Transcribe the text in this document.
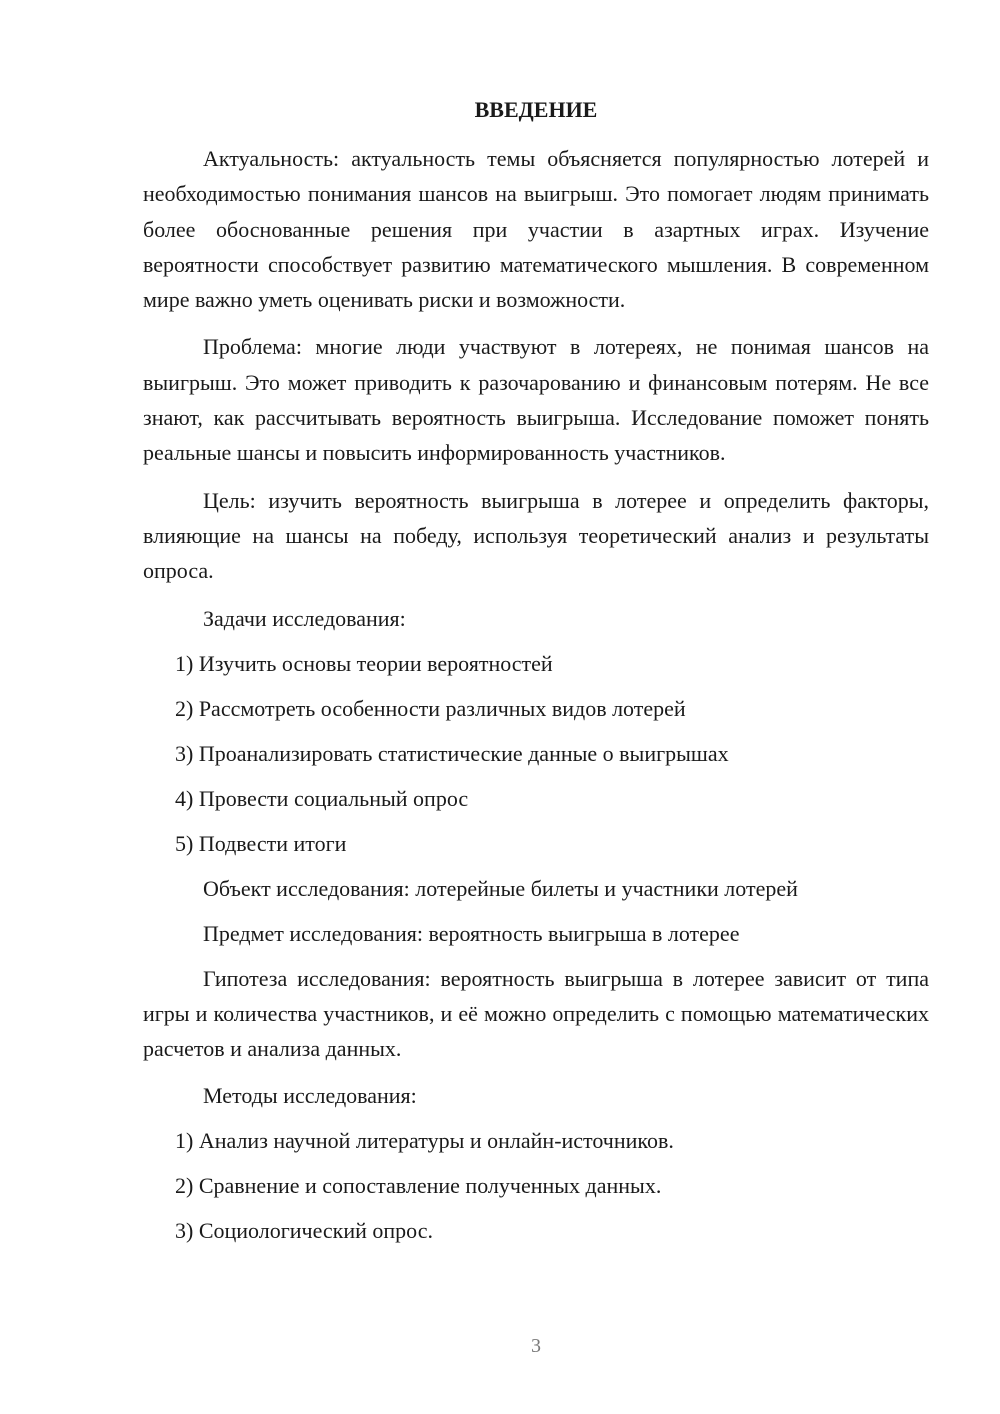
ВВЕДЕНИЕ

Актуальность: актуальность темы объясняется популярностью лотерей и необходимостью понимания шансов на выигрыш. Это помогает людям принимать более обоснованные решения при участии в азартных играх. Изучение вероятности способствует развитию математического мышления. В современном мире важно уметь оценивать риски и возможности.

Проблема: многие люди участвуют в лотереях, не понимая шансов на выигрыш. Это может приводить к разочарованию и финансовым потерям. Не все знают, как рассчитывать вероятность выигрыша. Исследование поможет понять реальные шансы и повысить информированность участников.

Цель: изучить вероятность выигрыша в лотерее и определить факторы, влияющие на шансы на победу, используя теоретический анализ и результаты опроса.

Задачи исследования:

1) Изучить основы теории вероятностей
2) Рассмотреть особенности различных видов лотерей
3) Проанализировать статистические данные о выигрышах
4) Провести социальный опрос
5) Подвести итоги

Объект исследования: лотерейные билеты и участники лотерей

Предмет исследования: вероятность выигрыша в лотерее

Гипотеза исследования: вероятность выигрыша в лотерее зависит от типа игры и количества участников, и её можно определить с помощью математических расчетов и анализа данных.

Методы исследования:

1) Анализ научной литературы и онлайн-источников.
2) Сравнение и сопоставление полученных данных.
3) Социологический опрос.
3
